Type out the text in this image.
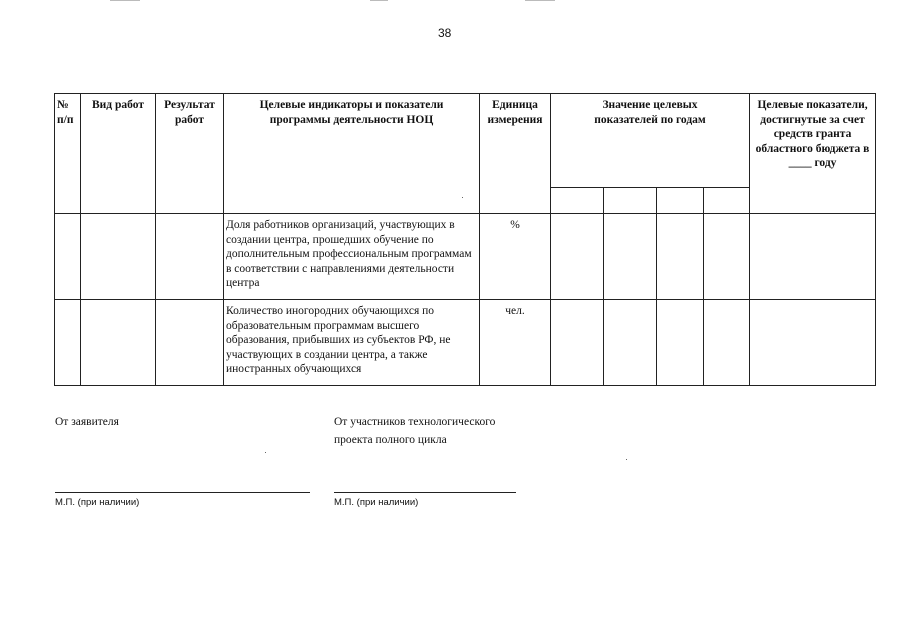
38
№ п/п	Вид работ	Результат работ	Целевые индикаторы и показатели программы деятельности НОЦ	Единица измерения	Значение целевых показателей по годам				Целевые показатели, достигнутые за счет средств гранта областного бюджета в ____ году

			Доля работников организаций, участвующих в создании центра, прошедших обучение по дополнительным профессиональным программам в соответствии с направлениями деятельности центра	%					
			Количество иногородних обучающихся по образовательным программам высшего образования, прибывших из субъектов РФ, не участвующих в создании центра, а также иностранных обучающихся	чел.					
От заявителя	От участников технологического проекта полного цикла
М.П. (при наличии)	М.П. (при наличии)
